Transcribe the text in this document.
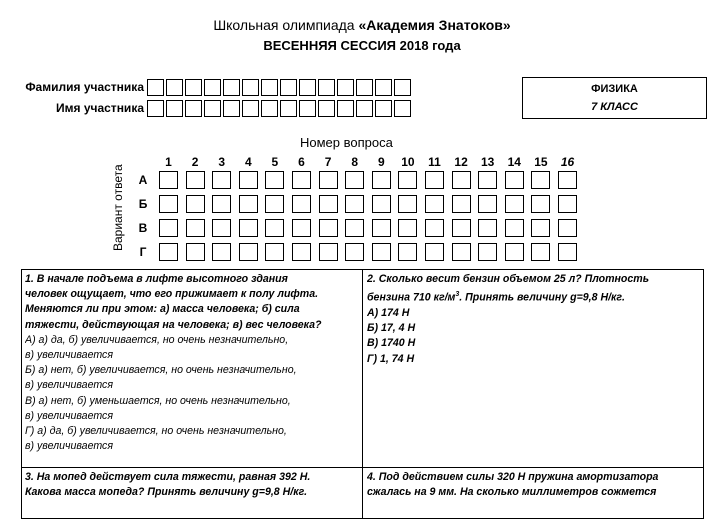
Школьная олимпиада «Академия Знатоков»
ВЕСЕННЯЯ СЕССИЯ 2018 года
Фамилия участника
Имя участника
ФИЗИКА
7 КЛАСС
Номер вопроса
Вариант ответа
1	2	3	4	5	6	7	8	9	10	11	12	13	14	15	16
А
Б
В
Г
1. В начале подъема в лифте высотного здания
человек ощущает, что его прижимает к полу лифта.
Меняются ли при этом: а) масса человека; б) сила
тяжести, действующая на человека; в) вес человека?
А) а) да, б) увеличивается, но очень незначительно,
в) увеличивается
Б) а) нет, б) увеличивается, но очень незначительно,
в) увеличивается
В) а) нет, б) уменьшается, но очень незначительно,
в) увеличивается
Г) а) да, б) увеличивается, но очень незначительно,
в) увеличивается
2. Сколько весит бензин объемом 25 л? Плотность
бензина 710 $кг/м^3$. Принять величину g=9,8 Н/кг.
А) 174 Н
Б) 17, 4 Н
В) 1740 Н
Г) 1, 74 Н
3. На мопед действует сила тяжести, равная 392 Н.
Какова масса мопеда? Принять величину g=9,8 Н/кг.
4. Под действием силы 320 Н пружина амортизатора
сжалась на 9 мм. На сколько миллиметров сожмется
